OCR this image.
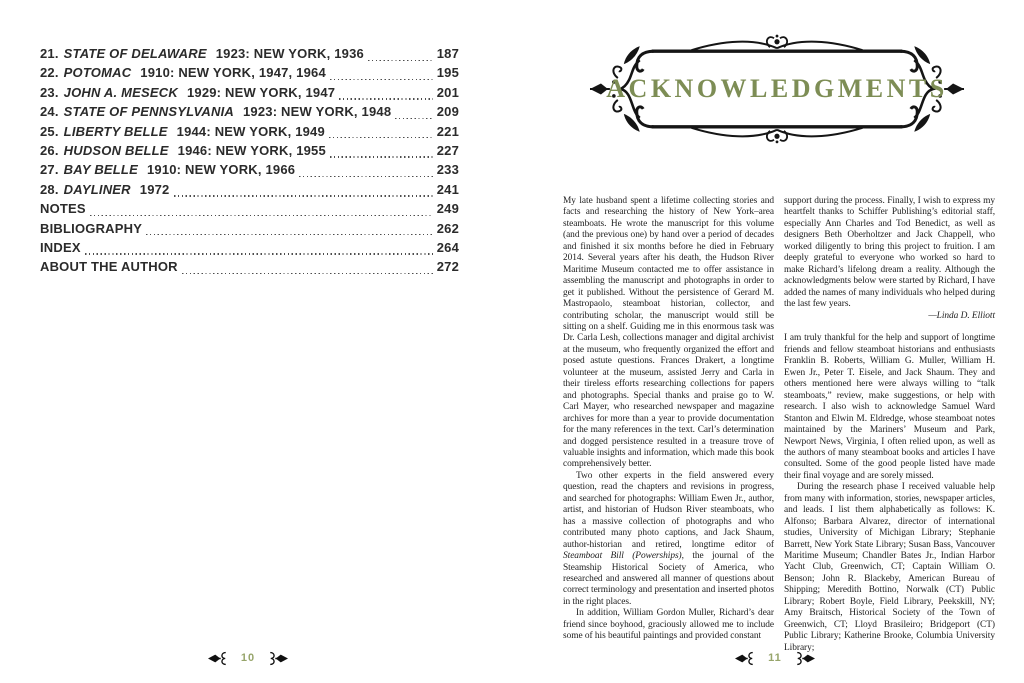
21. STATE OF DELAWARE 1923: NEW YORK, 1936	187
22. POTOMAC 1910: NEW YORK, 1947, 1964	195
23. JOHN A. MESECK 1929: NEW YORK, 1947	201
24. STATE OF PENNSYLVANIA 1923: NEW YORK, 1948	209
25. LIBERTY BELLE 1944: NEW YORK, 1949	221
26. HUDSON BELLE 1946: NEW YORK, 1955	227
27. BAY BELLE 1910: NEW YORK, 1966	233
28. DAYLINER 1972	241
NOTES	249
BIBLIOGRAPHY	262
INDEX	264
ABOUT THE AUTHOR	272
ACKNOWLEDGMENTS

My late husband spent a lifetime collecting stories and facts and researching the history of New York–area steamboats. He wrote the manuscript for this volume (and the previous one) by hand over a period of decades and finished it six months before he died in February 2014. Several years after his death, the Hudson River Maritime Museum contacted me to offer assistance in assembling the manuscript and photographs in order to get it published. Without the persistence of Gerard M. Mastropaolo, steamboat historian, collector, and contributing scholar, the manuscript would still be sitting on a shelf. Guiding me in this enormous task was Dr. Carla Lesh, collections manager and digital archivist at the museum, who frequently organized the effort and posed astute questions. Frances Drakert, a longtime volunteer at the museum, assisted Jerry and Carla in their tireless efforts researching collections for papers and photographs. Special thanks and praise go to W. Carl Mayer, who researched newspaper and magazine archives for more than a year to provide documentation for the many references in the text. Carl’s determination and dogged persistence resulted in a treasure trove of valuable insights and information, which made this book comprehensively better.

Two other experts in the field answered every question, read the chapters and revisions in progress, and searched for photographs: William Ewen Jr., author, artist, and historian of Hudson River steamboats, who has a massive collection of photographs and who contributed many photo captions, and Jack Shaum, author-historian and retired, longtime editor of Steamboat Bill (Powerships), the journal of the Steamship Historical Society of America, who researched and answered all manner of questions about correct terminology and presentation and inserted photos in the right places.

In addition, William Gordon Muller, Richard’s dear friend since boyhood, graciously allowed me to include some of his beautiful paintings and provided constant

support during the process. Finally, I wish to express my heartfelt thanks to Schiffer Publishing’s editorial staff, especially Ann Charles and Tod Benedict, as well as designers Beth Oberholtzer and Jack Chappell, who worked diligently to bring this project to fruition. I am deeply grateful to everyone who worked so hard to make Richard’s lifelong dream a reality. Although the acknowledgments below were started by Richard, I have added the names of many individuals who helped during the last few years.

—Linda D. Elliott

I am truly thankful for the help and support of longtime friends and fellow steamboat historians and enthusiasts Franklin B. Roberts, William G. Muller, William H. Ewen Jr., Peter T. Eisele, and Jack Shaum. They and others mentioned here were always willing to “talk steamboats,” review, make suggestions, or help with research. I also wish to acknowledge Samuel Ward Stanton and Elwin M. Eldredge, whose steamboat notes maintained by the Mariners’ Museum and Park, Newport News, Virginia, I often relied upon, as well as the authors of many steamboat books and articles I have consulted. Some of the good people listed have made their final voyage and are sorely missed.

During the research phase I received valuable help from many with information, stories, newspaper articles, and leads. I list them alphabetically as follows: K. Alfonso; Barbara Alvarez, director of international studies, University of Michigan Library; Stephanie Barrett, New York State Library; Susan Bass, Vancouver Maritime Museum; Chandler Bates Jr., Indian Harbor Yacht Club, Greenwich, CT; Captain William O. Benson; John R. Blackeby, American Bureau of Shipping; Meredith Bottino, Norwalk (CT) Public Library; Robert Boyle, Field Library, Peekskill, NY; Amy Braitsch, Historical Society of the Town of Greenwich, CT; Lloyd Brasileiro; Bridgeport (CT) Public Library; Katherine Brooke, Columbia University Library;

10	11
